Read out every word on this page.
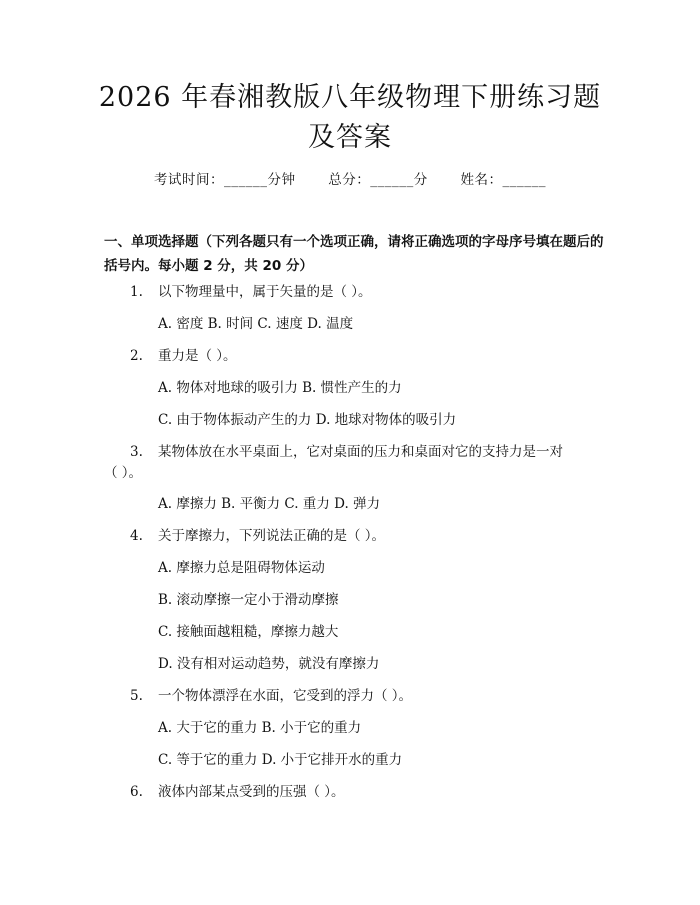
2026 年春湘教版八年级物理下册练习题及答案
考试时间：______分钟 总分：______分 姓名：______
一、单项选择题（下列各题只有一个选项正确，请将正确选项的字母序号填在题后的括号内。每小题 2 分，共 20 分）
1. 以下物理量中，属于矢量的是（ ）。
A. 密度 B. 时间 C. 速度 D. 温度
2. 重力是（ ）。
A. 物体对地球的吸引力 B. 惯性产生的力
C. 由于物体振动产生的力 D. 地球对物体的吸引力
3. 某物体放在水平桌面上，它对桌面的压力和桌面对它的支持力是一对
（ ）。
A. 摩擦力 B. 平衡力 C. 重力 D. 弹力
4. 关于摩擦力，下列说法正确的是（ ）。
A. 摩擦力总是阻碍物体运动
B. 滚动摩擦一定小于滑动摩擦
C. 接触面越粗糙，摩擦力越大
D. 没有相对运动趋势，就没有摩擦力
5. 一个物体漂浮在水面，它受到的浮力（ ）。
A. 大于它的重力 B. 小于它的重力
C. 等于它的重力 D. 小于它排开水的重力
6. 液体内部某点受到的压强（ ）。
